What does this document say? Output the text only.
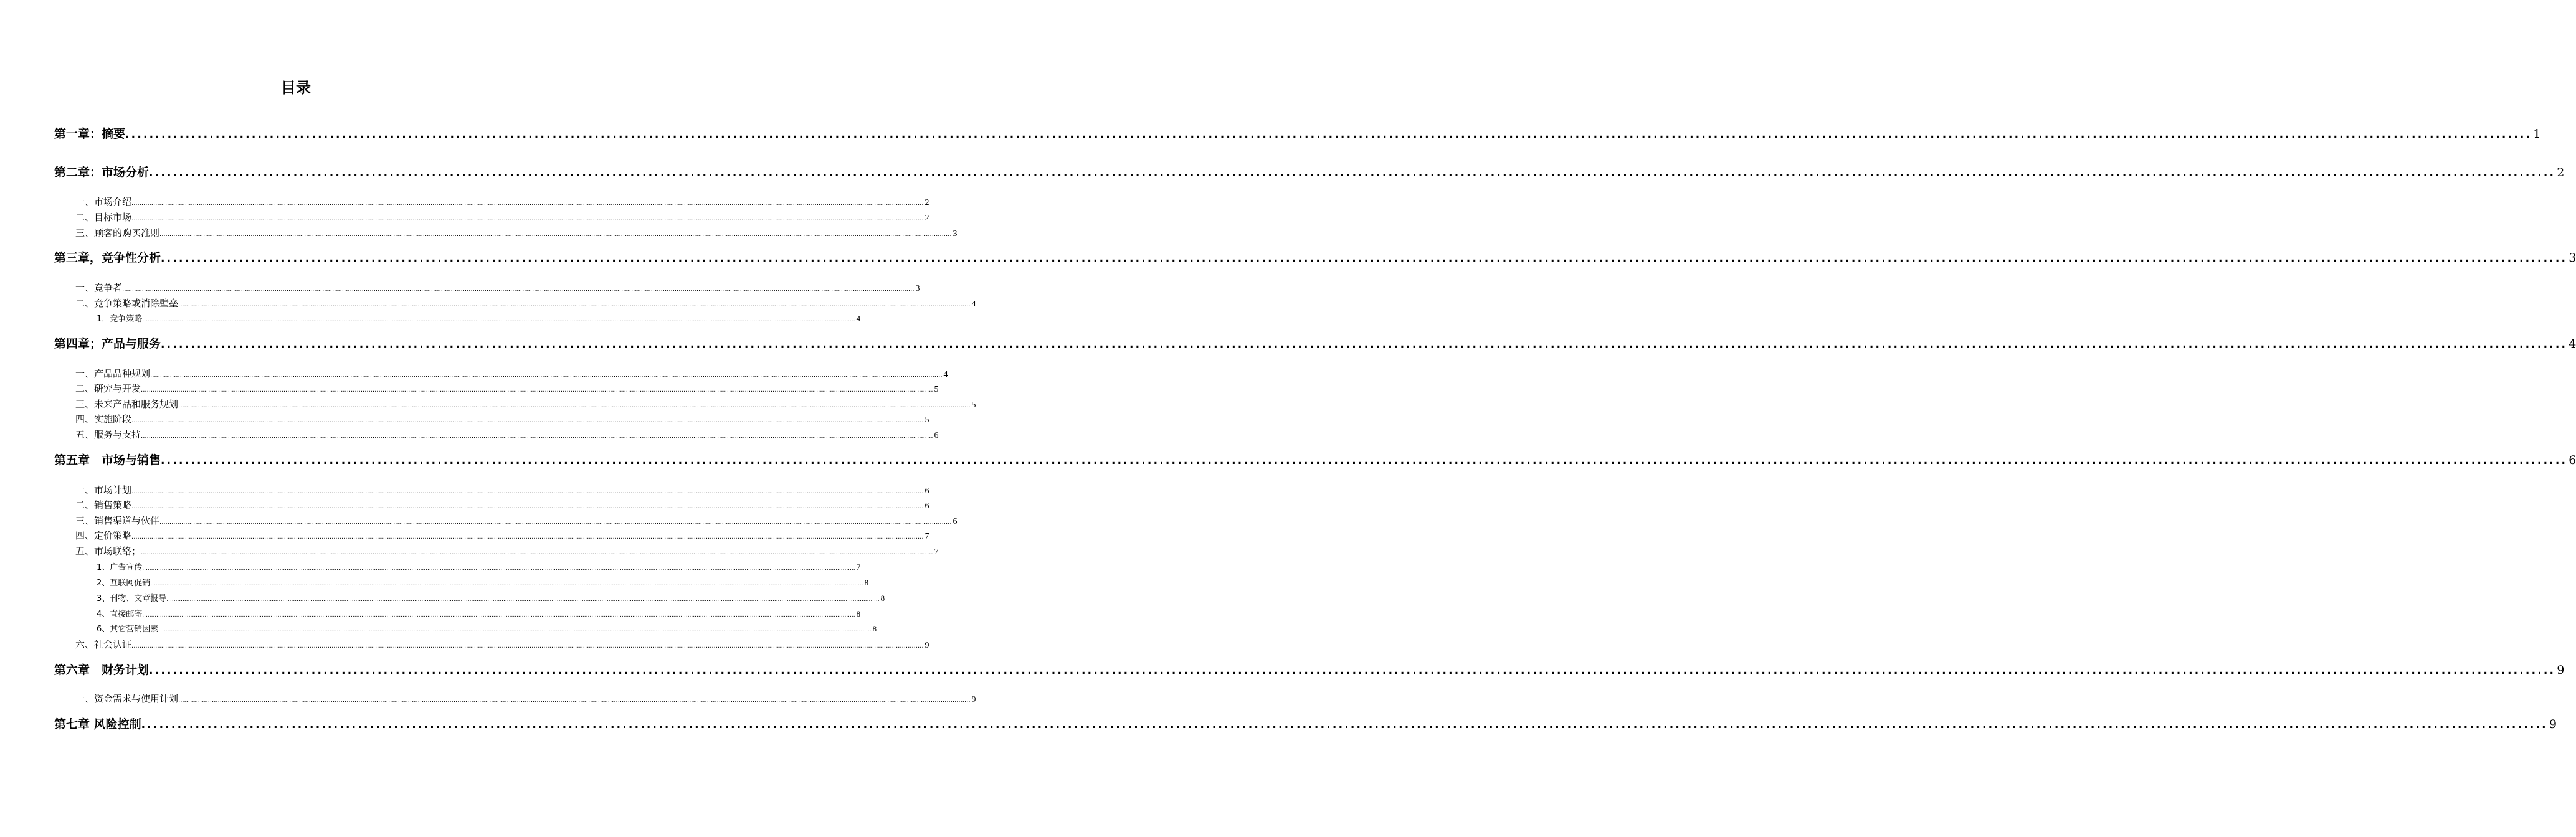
目录
第一章：摘要 ................................................................................................................................................................................................................................................................................................................................................................................................................ 1
第二章：市场分析 ................................................................................................................................................................................................................................................................................................................................................................................................................ 2
一、市场介绍 ................................................................................................................................................................................................................................................................................................................................................................................................................ 2
二、目标市场 ................................................................................................................................................................................................................................................................................................................................................................................................................ 2
三、顾客的购买准则 ................................................................................................................................................................................................................................................................................................................................................................................................................ 3
第三章，竞争性分析 ................................................................................................................................................................................................................................................................................................................................................................................................................ 3
一、竞争者 ................................................................................................................................................................................................................................................................................................................................................................................................................ 3
二、竞争策略或消除壁垒 ................................................................................................................................................................................................................................................................................................................................................................................................................ 4
1．竞争策略 ................................................................................................................................................................................................................................................................................................................................................................................................................ 4
第四章；产品与服务 ................................................................................................................................................................................................................................................................................................................................................................................................................ 4
一、产品品种规划 ................................................................................................................................................................................................................................................................................................................................................................................................................ 4
二、研究与开发 ................................................................................................................................................................................................................................................................................................................................................................................................................ 5
三、未来产品和服务规划 ................................................................................................................................................................................................................................................................................................................................................................................................................ 5
四、实施阶段 ................................................................................................................................................................................................................................................................................................................................................................................................................ 5
五、服务与支持 ................................................................................................................................................................................................................................................................................................................................................................................................................ 6
第五章　市场与销售 ................................................................................................................................................................................................................................................................................................................................................................................................................ 6
一、市场计划 ................................................................................................................................................................................................................................................................................................................................................................................................................ 6
二、销售策略 ................................................................................................................................................................................................................................................................................................................................................................................................................ 6
三、销售渠道与伙伴 ................................................................................................................................................................................................................................................................................................................................................................................................................ 6
四、定价策略 ................................................................................................................................................................................................................................................................................................................................................................................................................ 7
五、市场联络； ................................................................................................................................................................................................................................................................................................................................................................................................................ 7
1、广告宣传 ................................................................................................................................................................................................................................................................................................................................................................................................................ 7
2、互联网促销 ................................................................................................................................................................................................................................................................................................................................................................................................................ 8
3、刊物、文章报导 ................................................................................................................................................................................................................................................................................................................................................................................................................ 8
4、直接邮寄 ................................................................................................................................................................................................................................................................................................................................................................................................................ 8
6、其它营销因素 ................................................................................................................................................................................................................................................................................................................................................................................................................ 8
六、社会认证 ................................................................................................................................................................................................................................................................................................................................................................................................................ 9
第六章　财务计划 ................................................................................................................................................................................................................................................................................................................................................................................................................ 9
一、资金需求与使用计划 ................................................................................................................................................................................................................................................................................................................................................................................................................ 9
第七章 风险控制 ................................................................................................................................................................................................................................................................................................................................................................................................................ 9
